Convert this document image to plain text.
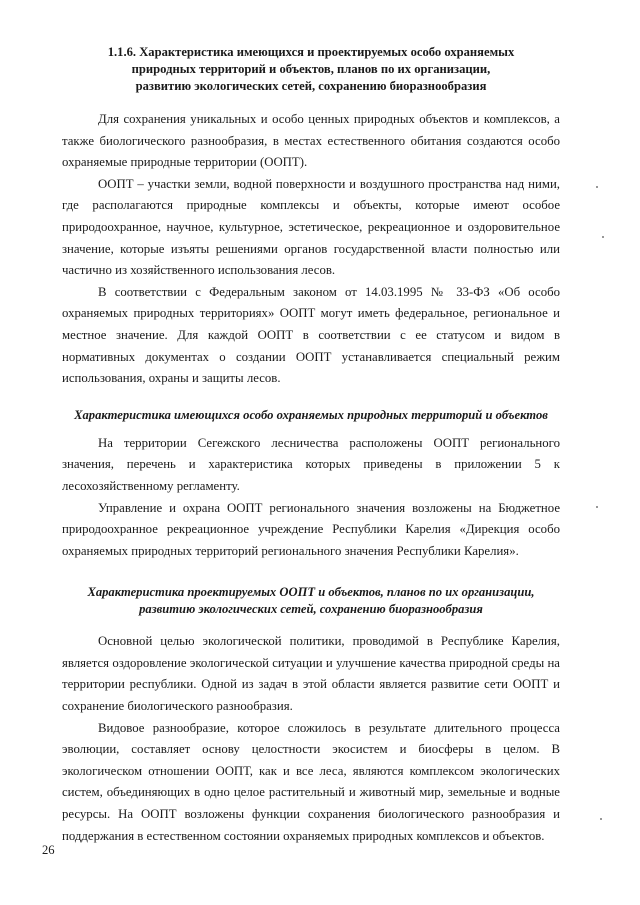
1.1.6. Характеристика имеющихся и проектируемых особо охраняемых
природных территорий и объектов, планов по их организации,
развитию экологических сетей, сохранению биоразнообразия

Для сохранения уникальных и особо ценных природных объектов и комплексов, а также биологического разнообразия, в местах естественного обитания создаются особо охраняемые природные территории (ООПТ).

ООПТ – участки земли, водной поверхности и воздушного пространства над ними, где располагаются природные комплексы и объекты, которые имеют особое природоохранное, научное, культурное, эстетическое, рекреационное и оздоровительное значение, которые изъяты решениями органов государственной власти полностью или частично из хозяйственного использования лесов.

В соответствии с Федеральным законом от 14.03.1995 № 33-ФЗ «Об особо охраняемых природных территориях» ООПТ могут иметь федеральное, региональное и местное значение. Для каждой ООПТ в соответствии с ее статусом и видом в нормативных документах о создании ООПТ устанавливается специальный режим использования, охраны и защиты лесов.

Характеристика имеющихся особо охраняемых природных территорий и объектов

На территории Сегежского лесничества расположены ООПТ регионального значения, перечень и характеристика которых приведены в приложении 5 к лесохозяйственному регламенту.

Управление и охрана ООПТ регионального значения возложены на Бюджетное природоохранное рекреационное учреждение Республики Карелия «Дирекция особо охраняемых природных территорий регионального значения Республики Карелия».

Характеристика проектируемых ООПТ и объектов, планов по их организации,
развитию экологических сетей, сохранению биоразнообразия

Основной целью экологической политики, проводимой в Республике Карелия, является оздоровление экологической ситуации и улучшение качества природной среды на территории республики. Одной из задач в этой области является развитие сети ООПТ и сохранение биологического разнообразия.

Видовое разнообразие, которое сложилось в результате длительного процесса эволюции, составляет основу целостности экосистем и биосферы в целом. В экологическом отношении ООПТ, как и все леса, являются комплексом экологических систем, объединяющих в одно целое растительный и животный мир, земельные и водные ресурсы. На ООПТ возложены функции сохранения биологического разнообразия и поддержания в естественном состоянии охраняемых природных комплексов и объектов.

26
